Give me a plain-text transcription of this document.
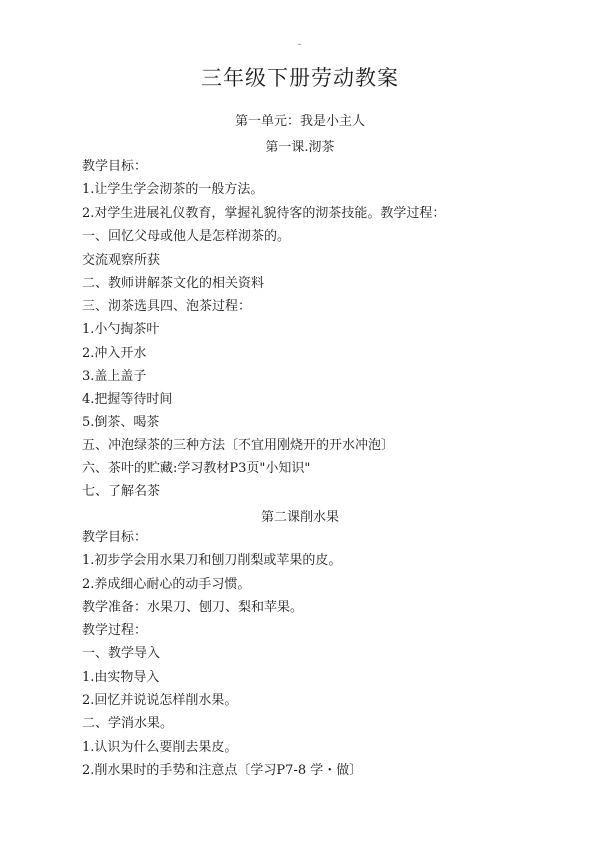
-
三年级下册劳动教案
第一单元：我是小主人
第一课.沏茶
教学目标：
1.让学生学会沏茶的一般方法。
2.对学生进展礼仪教育，掌握礼貌待客的沏茶技能。教学过程：
一、回忆父母或他人是怎样沏茶的。
交流观察所获
二、教师讲解茶文化的相关资料
三、沏茶选具四、泡茶过程：
1.小勺掏茶叶
2.冲入开水
3.盖上盖子
4.把握等待时间
5.倒茶、喝茶
五、冲泡绿茶的三种方法〔不宜用刚烧开的开水冲泡〕
六、茶叶的贮藏:学习教材P3页"小知识"
七、了解名茶
第二课削水果
教学目标：
1.初步学会用水果刀和刨刀削梨或苹果的皮。
2.养成细心耐心的动手习惯。
教学准备：水果刀、刨刀、梨和苹果。
教学过程：
一、教学导入
1.由实物导入
2.回忆并说说怎样削水果。
二、学消水果。
1.认识为什么要削去果皮。
2.削水果时的手势和注意点〔学习P7-8 学・做〕
